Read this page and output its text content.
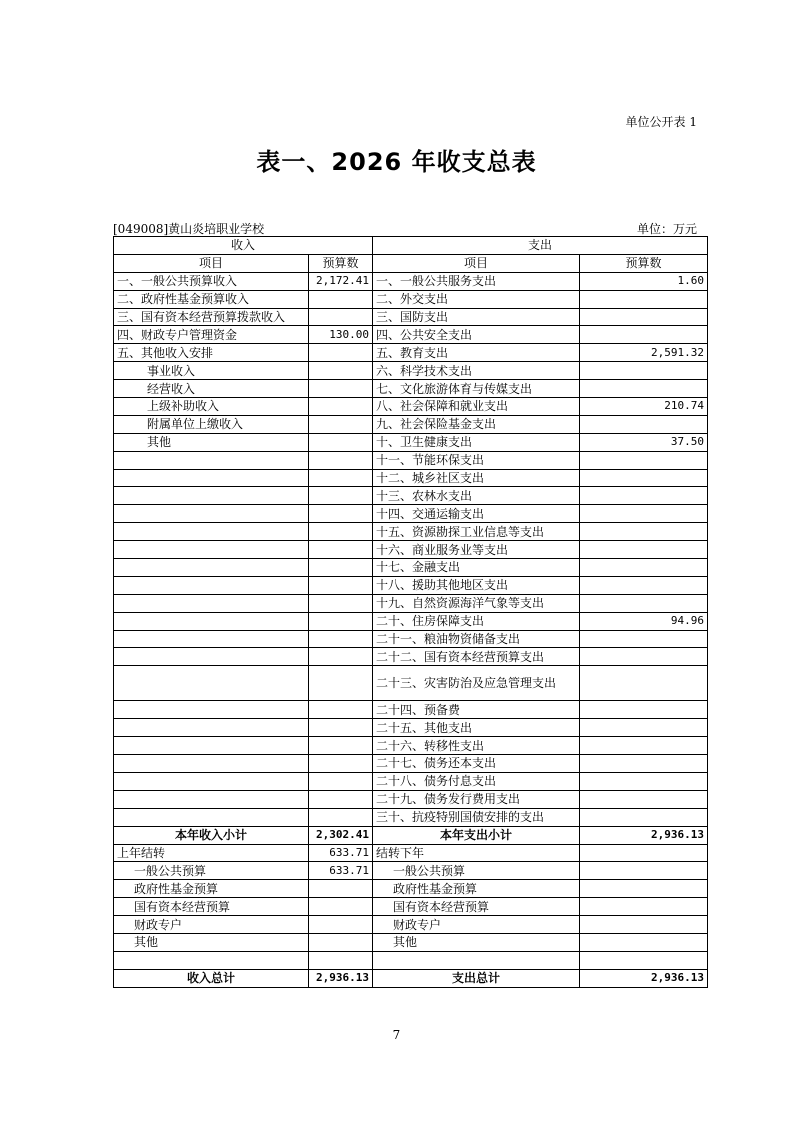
单位公开表 1
表一、2026 年收支总表
[049008]黄山炎培职业学校	单位：万元
收入		支出	
项目	预算数	项目	预算数
一、一般公共预算收入	2,172.41	一、一般公共服务支出	1.60
二、政府性基金预算收入		二、外交支出	
三、国有资本经营预算拨款收入		三、国防支出	
四、财政专户管理资金	130.00	四、公共安全支出	
五、其他收入安排		五、教育支出	2,591.32
事业收入		六、科学技术支出	
经营收入		七、文化旅游体育与传媒支出	
上级补助收入		八、社会保障和就业支出	210.74
附属单位上缴收入		九、社会保险基金支出	
其他		十、卫生健康支出	37.50
		十一、节能环保支出	
		十二、城乡社区支出	
		十三、农林水支出	
		十四、交通运输支出	
		十五、资源勘探工业信息等支出	
		十六、商业服务业等支出	
		十七、金融支出	
		十八、援助其他地区支出	
		十九、自然资源海洋气象等支出	
		二十、住房保障支出	94.96
		二十一、粮油物资储备支出	
		二十二、国有资本经营预算支出	
		二十三、灾害防治及应急管理支出	
		二十四、预备费	
		二十五、其他支出	
		二十六、转移性支出	
		二十七、债务还本支出	
		二十八、债务付息支出	
		二十九、债务发行费用支出	
		三十、抗疫特别国债安排的支出	
本年收入小计	2,302.41	本年支出小计	2,936.13
上年结转	633.71	结转下年	
一般公共预算	633.71	一般公共预算	
政府性基金预算		政府性基金预算	
国有资本经营预算		国有资本经营预算	
财政专户		财政专户	
其他		其他	

收入总计	2,936.13	支出总计	2,936.13
7
